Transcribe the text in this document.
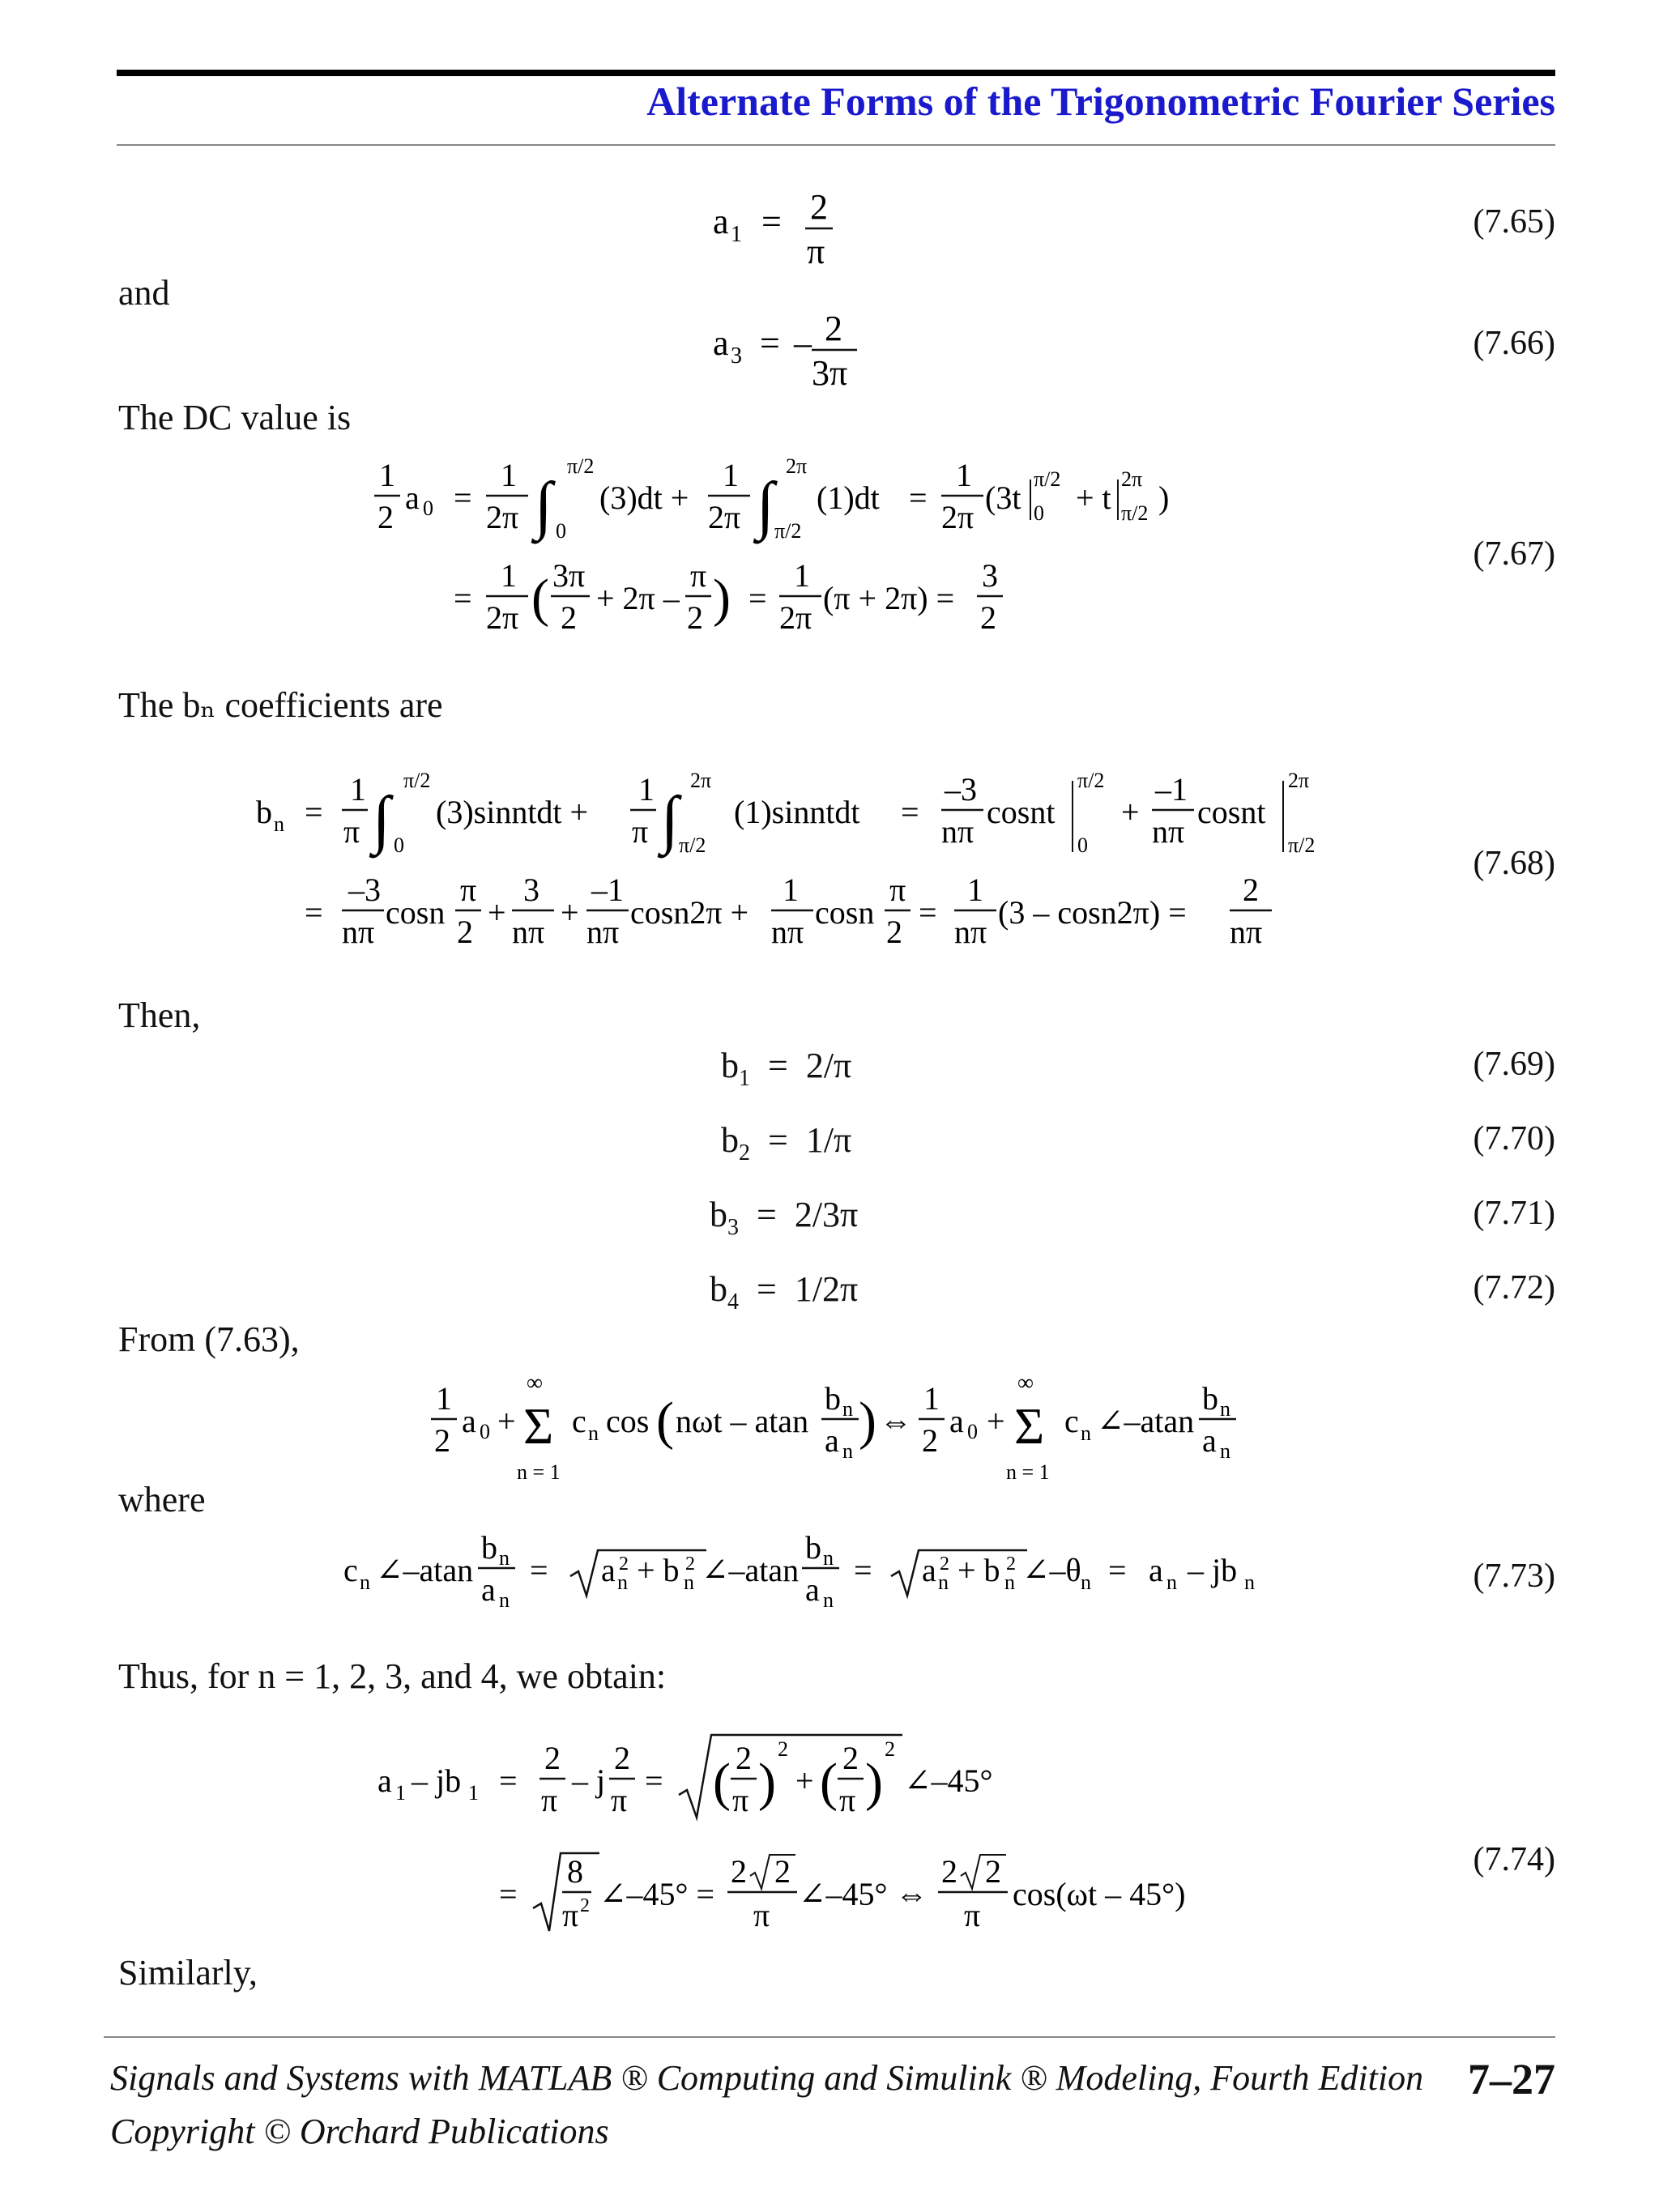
Alternate Forms of the Trigonometric Fourier Series
a 1 = 2
π
(7.65)
and
a 3 = – 2
3π
(7.66)
The DC value is
1
2
a 0 =
1
2π ∫
π/2
0
(3)dt +
1
2π ∫
2π
π/2
(1)dt =
1
2π
(3t
π/2
0 + t
2π
π/2 )
=
1
2π ( 3π
2
+ 2π –
π
2 ) =
1
2π
(π + 2π) =
3
2
(7.67)
The bₙ coefficients are
b n =
1
π ∫
π/2
0
(3)sinntdt +
1
π ∫
2π
π/2
(1)sinntdt =
–3
nπ
cosnt
π/2
0
+
–1
nπ
cosnt
2π
π/2
=
–3
nπ
cosn
π
2
+
3
nπ
+
–1
nπ
cosn2π +
1
nπ
cosn
π
2
=
1
nπ
(3 – cosn2π) =
2
nπ
(7.68)
Then,
$b_1 = 2/\pi$	(7.69)
$b_2 = 1/\pi$	(7.70)
$b_3 = 2/3\pi$	(7.71)
$b_4 = 1/2\pi$	(7.72)
From (7.63),
1
2
a 0 +
∞
Σ
n = 1
c n cos ( nωt – atan
b n
a n
) ⇔
1
2
a 0 +
∞
Σ
n = 1
c n ∠–atan
b n
a n
where
c n ∠–atan
b n
a n
= a 2
n + b 2
n ∠–atan
b n
a n
= a 2
n + b 2
n ∠–θ n = a n – jb n	(7.73)
Thus, for n = 1, 2, 3, and 4, we obtain:
a 1 – jb 1 =
2
π
– j
2
π
= ( 2
π )
2
+ ( 2
π )
2
∠–45°
=
8
π 2 ∠–45° =
2 2
π
∠–45° ⇔
2 2
π
cos(ωt – 45°)
(7.74)
Similarly,
Signals and Systems with MATLAB ® Computing and Simulink ® Modeling, Fourth Edition
Copyright © Orchard Publications
7–27
